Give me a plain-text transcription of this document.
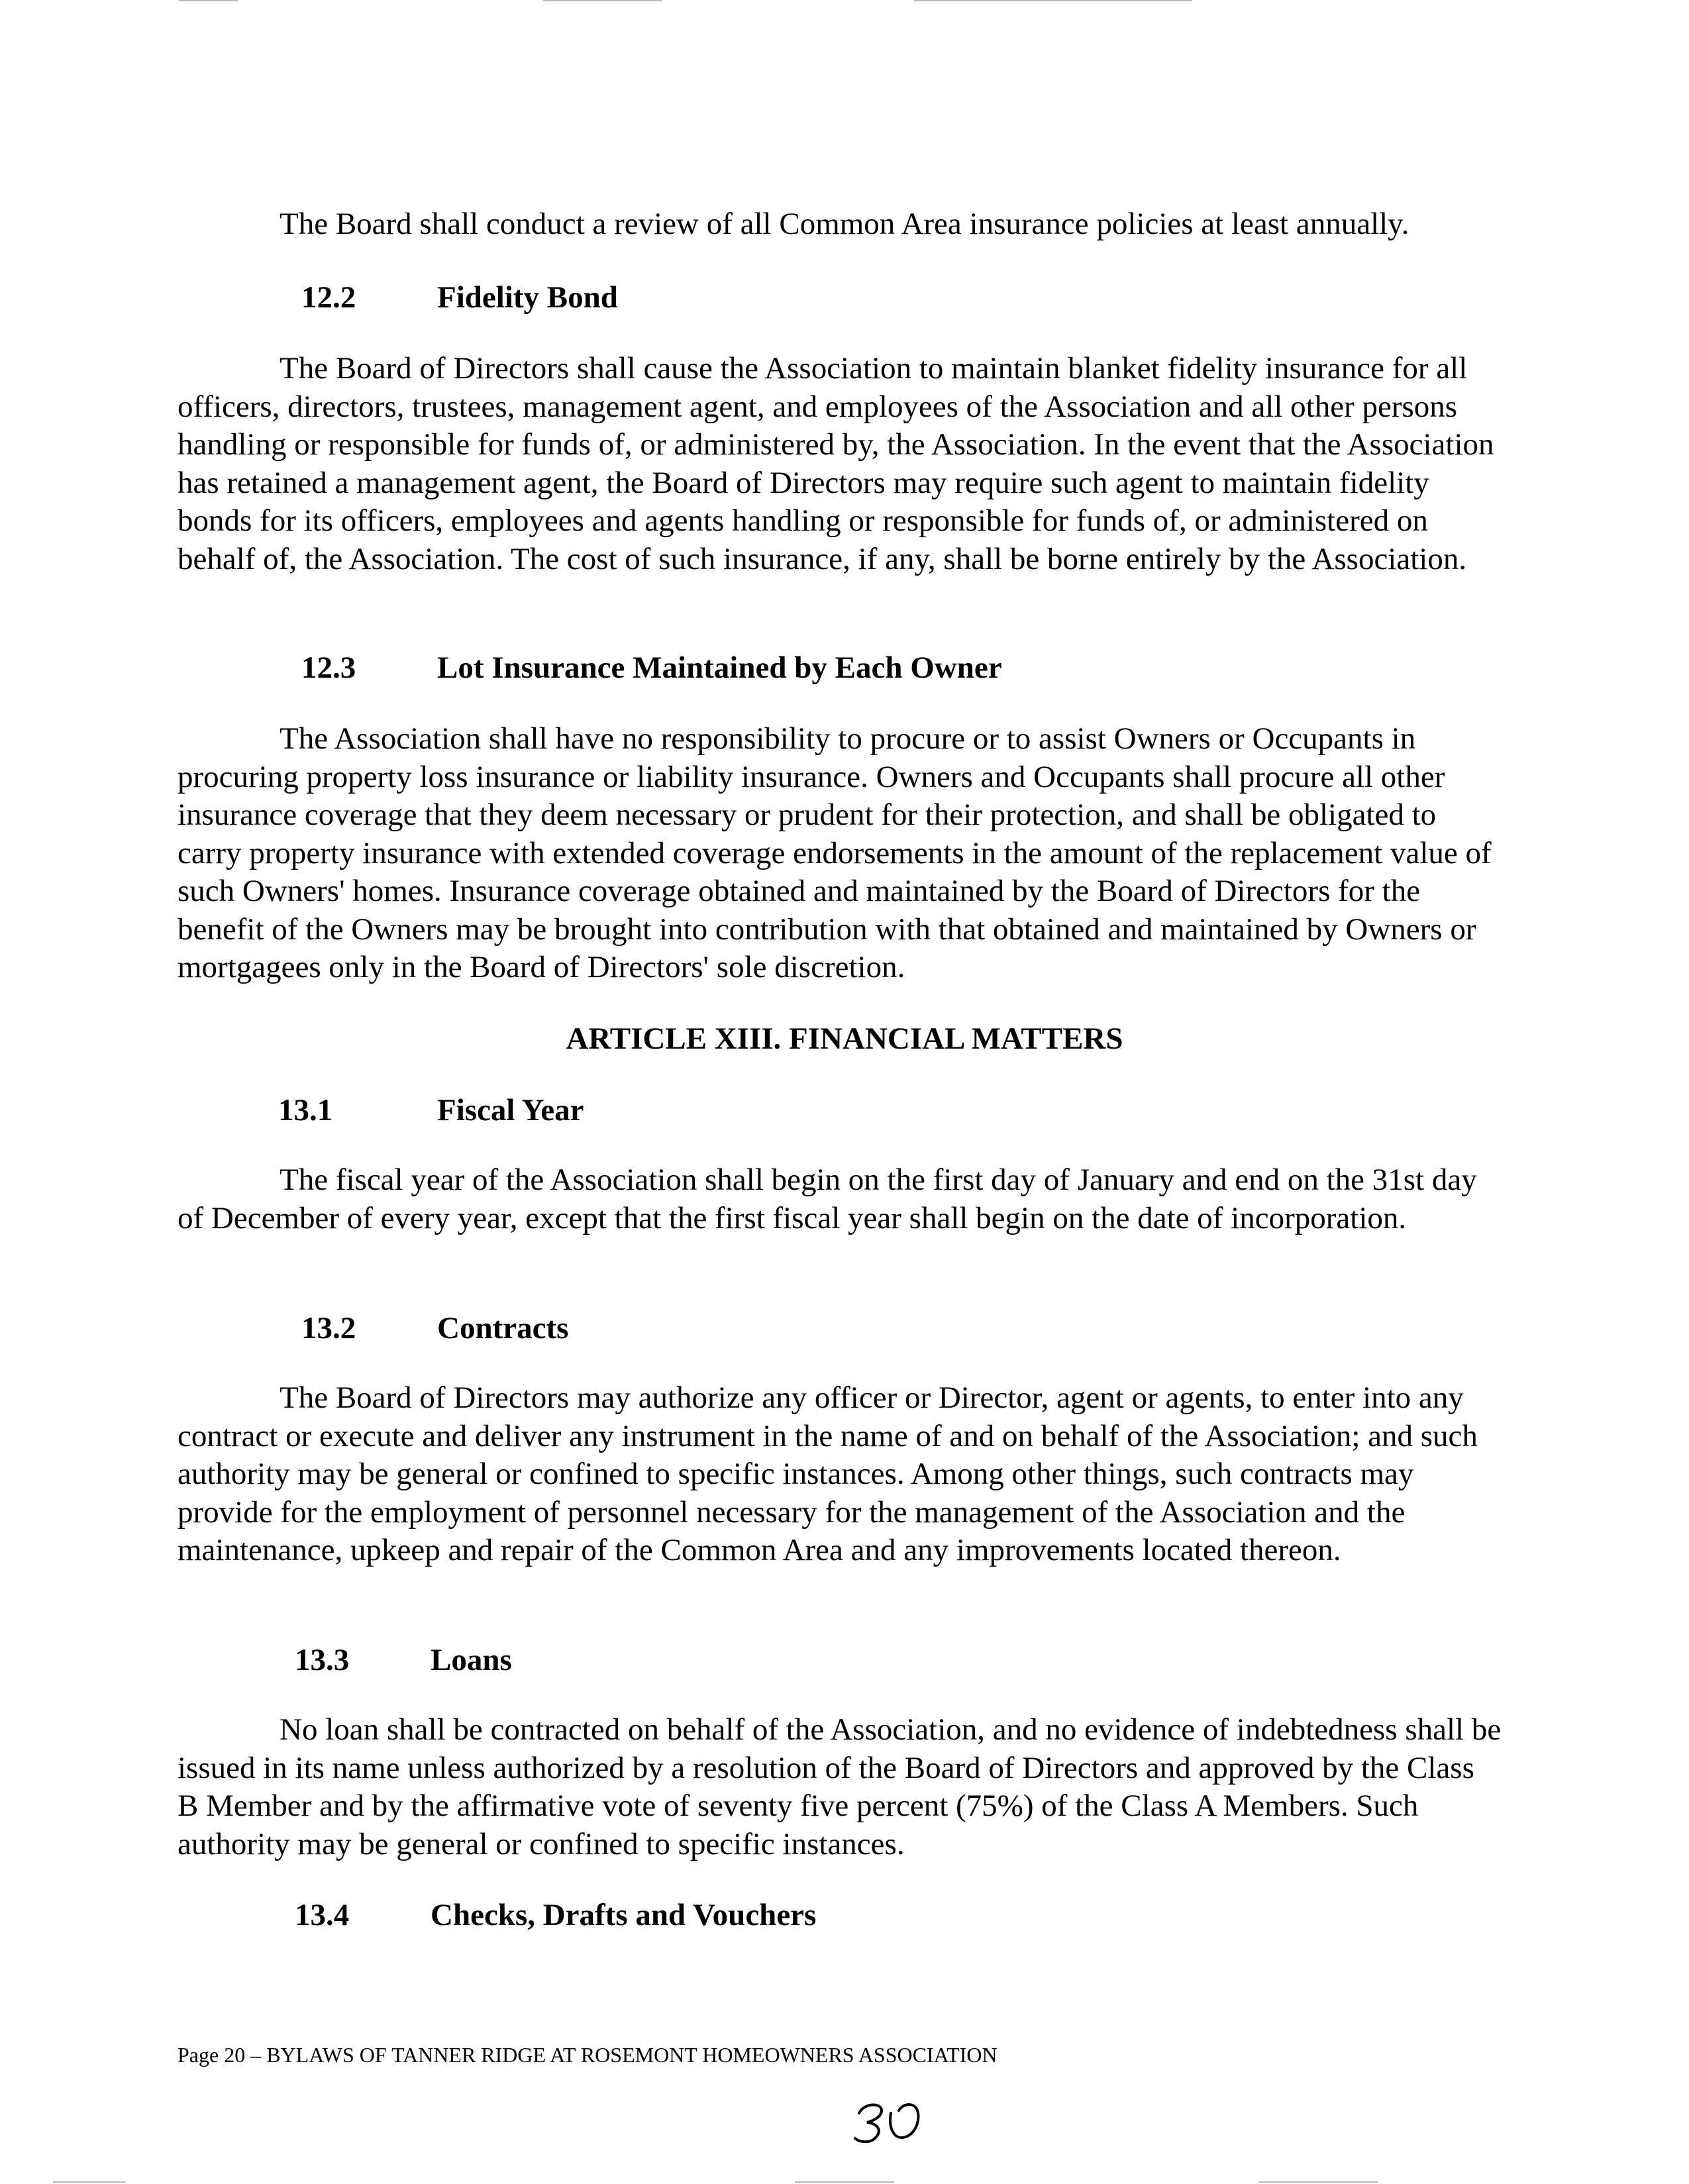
The Board shall conduct a review of all Common Area insurance policies at least annually.

12.2	Fidelity Bond

The Board of Directors shall cause the Association to maintain blanket fidelity insurance for all officers, directors, trustees, management agent, and employees of the Association and all other persons handling or responsible for funds of, or administered by, the Association. In the event that the Association has retained a management agent, the Board of Directors may require such agent to maintain fidelity bonds for its officers, employees and agents handling or responsible for funds of, or administered on behalf of, the Association. The cost of such insurance, if any, shall be borne entirely by the Association.

12.3	Lot Insurance Maintained by Each Owner

The Association shall have no responsibility to procure or to assist Owners or Occupants in procuring property loss insurance or liability insurance. Owners and Occupants shall procure all other insurance coverage that they deem necessary or prudent for their protection, and shall be obligated to carry property insurance with extended coverage endorsements in the amount of the replacement value of such Owners' homes. Insurance coverage obtained and maintained by the Board of Directors for the benefit of the Owners may be brought into contribution with that obtained and maintained by Owners or mortgagees only in the Board of Directors' sole discretion.

ARTICLE XIII. FINANCIAL MATTERS
13.1	Fiscal Year

The fiscal year of the Association shall begin on the first day of January and end on the 31st day of December of every year, except that the first fiscal year shall begin on the date of incorporation.

13.2	Contracts

The Board of Directors may authorize any officer or Director, agent or agents, to enter into any contract or execute and deliver any instrument in the name of and on behalf of the Association; and such authority may be general or confined to specific instances. Among other things, such contracts may provide for the employment of personnel necessary for the management of the Association and the maintenance, upkeep and repair of the Common Area and any improvements located thereon.

13.3	Loans

No loan shall be contracted on behalf of the Association, and no evidence of indebtedness shall be issued in its name unless authorized by a resolution of the Board of Directors and approved by the Class B Member and by the affirmative vote of seventy five percent (75%) of the Class A Members. Such authority may be general or confined to specific instances.

13.4	Checks, Drafts and Vouchers
Page 20 – BYLAWS OF TANNER RIDGE AT ROSEMONT HOMEOWNERS ASSOCIATION
